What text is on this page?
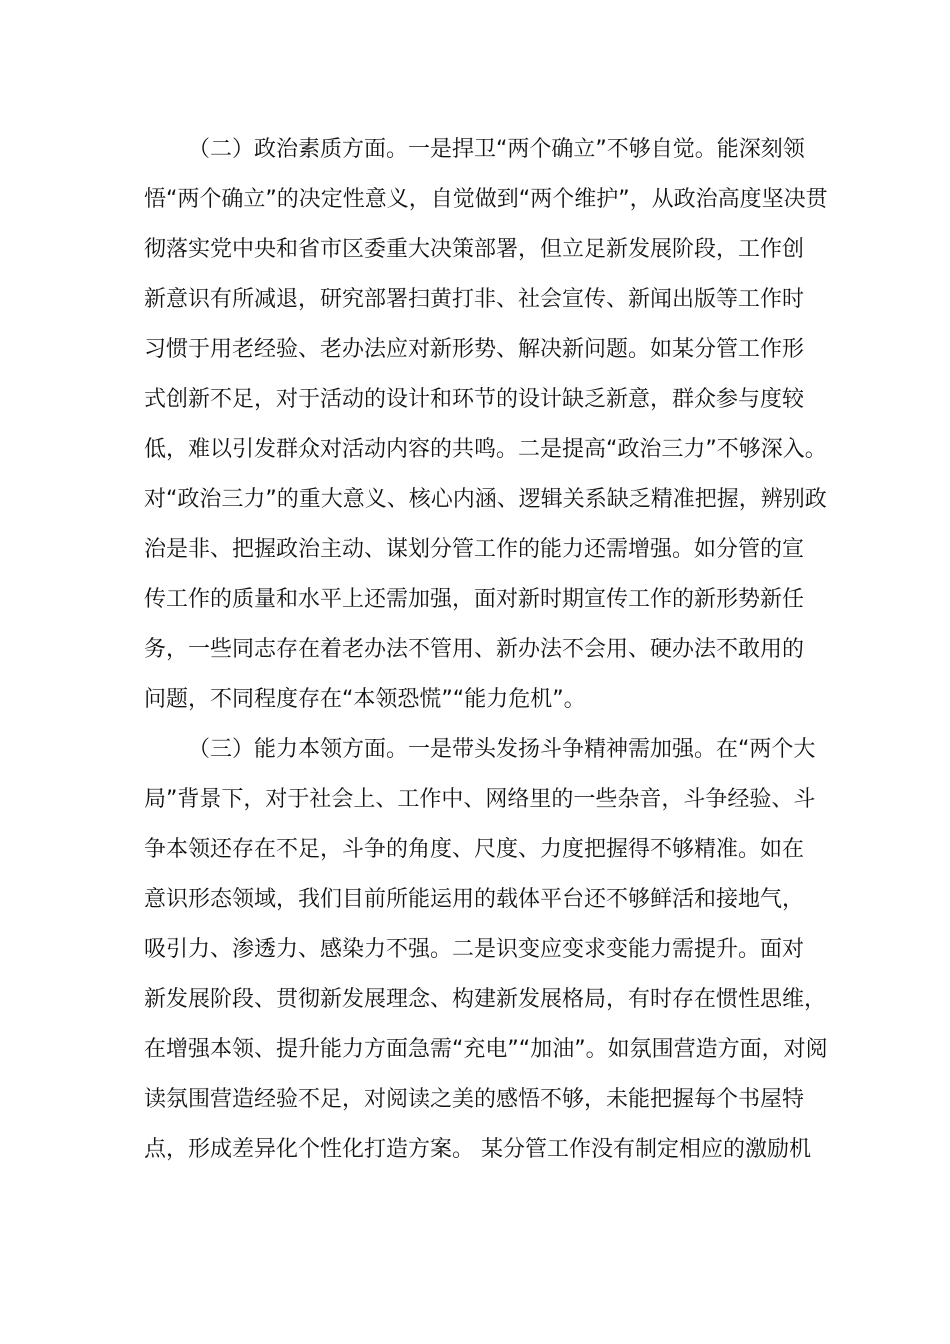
（二）政治素质方面。一是捍卫“两个确立”不够自觉。能深刻领
悟“两个确立”的决定性意义，自觉做到“两个维护”，从政治高度坚决贯
彻落实党中央和省市区委重大决策部署，但立足新发展阶段，工作创
新意识有所减退，研究部署扫黄打非、社会宣传、新闻出版等工作时
习惯于用老经验、老办法应对新形势、解决新问题。如某分管工作形
式创新不足，对于活动的设计和环节的设计缺乏新意，群众参与度较
低，难以引发群众对活动内容的共鸣。二是提高“政治三力”不够深入。
对“政治三力”的重大意义、核心内涵、逻辑关系缺乏精准把握，辨别政
治是非、把握政治主动、谋划分管工作的能力还需增强。如分管的宣
传工作的质量和水平上还需加强，面对新时期宣传工作的新形势新任
务，一些同志存在着老办法不管用、新办法不会用、硬办法不敢用的
问题，不同程度存在“本领恐慌”“能力危机”。
（三）能力本领方面。一是带头发扬斗争精神需加强。在“两个大
局”背景下，对于社会上、工作中、网络里的一些杂音，斗争经验、斗
争本领还存在不足，斗争的角度、尺度、力度把握得不够精准。如在
意识形态领域，我们目前所能运用的载体平台还不够鲜活和接地气，
吸引力、渗透力、感染力不强。二是识变应变求变能力需提升。面对
新发展阶段、贯彻新发展理念、构建新发展格局，有时存在惯性思维，
在增强本领、提升能力方面急需“充电”“加油”。如氛围营造方面，对阅
读氛围营造经验不足，对阅读之美的感悟不够，未能把握每个书屋特
点，形成差异化个性化打造方案。 某分管工作没有制定相应的激励机
